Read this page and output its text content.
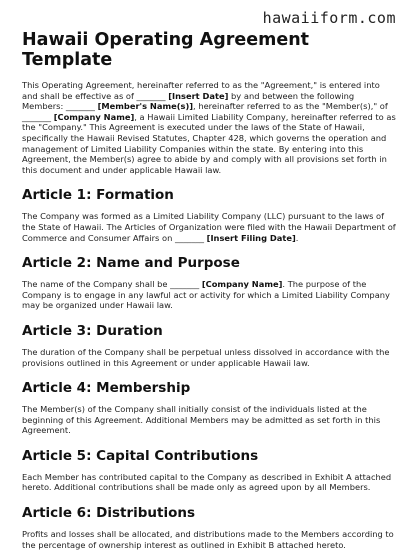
hawaiiform.com
Hawaii Operating Agreement Template

This Operating Agreement, hereinafter referred to as the "Agreement," is entered into and shall be effective as of _______ [Insert Date] by and between the following Members: _______ [Member's Name(s)], hereinafter referred to as the "Member(s)," of _______ [Company Name], a Hawaii Limited Liability Company, hereinafter referred to as the "Company." This Agreement is executed under the laws of the State of Hawaii, specifically the Hawaii Revised Statutes, Chapter 428, which governs the operation and management of Limited Liability Companies within the state. By entering into this Agreement, the Member(s) agree to abide by and comply with all provisions set forth in this document and under applicable Hawaii law.

Article 1: Formation

The Company was formed as a Limited Liability Company (LLC) pursuant to the laws of the State of Hawaii. The Articles of Organization were filed with the Hawaii Department of Commerce and Consumer Affairs on _______ [Insert Filing Date].

Article 2: Name and Purpose

The name of the Company shall be _______ [Company Name]. The purpose of the Company is to engage in any lawful act or activity for which a Limited Liability Company may be organized under Hawaii law.

Article 3: Duration

The duration of the Company shall be perpetual unless dissolved in accordance with the provisions outlined in this Agreement or under applicable Hawaii law.

Article 4: Membership

The Member(s) of the Company shall initially consist of the individuals listed at the beginning of this Agreement. Additional Members may be admitted as set forth in this Agreement.

Article 5: Capital Contributions

Each Member has contributed capital to the Company as described in Exhibit A attached hereto. Additional contributions shall be made only as agreed upon by all Members.

Article 6: Distributions

Profits and losses shall be allocated, and distributions made to the Members according to the percentage of ownership interest as outlined in Exhibit B attached hereto.
